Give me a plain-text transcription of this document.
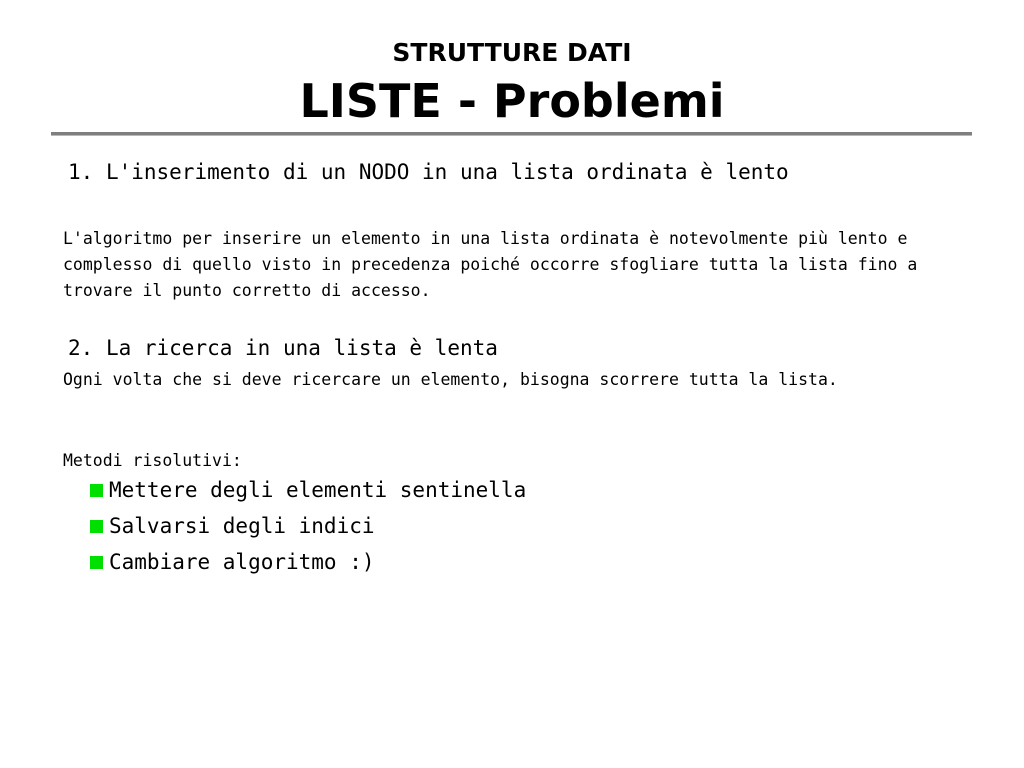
STRUTTURE DATI
LISTE - Problemi
1. L'inserimento di un NODO in una lista ordinata è lento
L'algoritmo per inserire un elemento in una lista ordinata è notevolmente più lento e complesso di quello visto in precedenza poiché occorre sfogliare tutta la lista fino a trovare il punto corretto di accesso.
2. La ricerca in una lista è lenta
Ogni volta che si deve ricercare un elemento, bisogna scorrere tutta la lista.
Metodi risolutivi:
Mettere degli elementi sentinella
Salvarsi degli indici
Cambiare algoritmo :)
